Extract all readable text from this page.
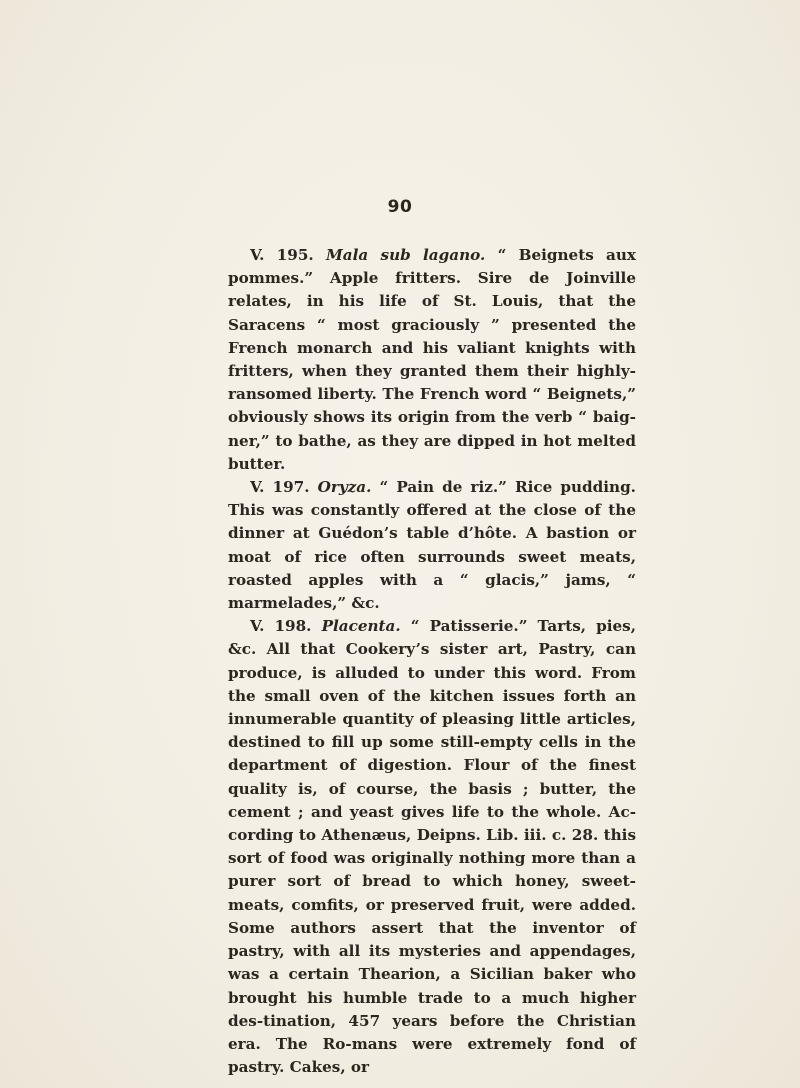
90

V. 195. Mala sub lagano. “ Beignets aux pommes.” Apple fritters. Sire de Joinville relates, in his life of St. Louis, that the Saracens “ most graciously ” presented the French monarch and his valiant knights with fritters, when they granted them their highly-ransomed liberty. The French word “ Beignets,” obviously shows its origin from the verb “ baig-ner,” to bathe, as they are dipped in hot melted butter.

V. 197. Oryza. “ Pain de riz.” Rice pudding. This was constantly offered at the close of the dinner at Guédon’s table d’hôte. A bastion or moat of rice often surrounds sweet meats, roasted apples with a “ glacis,” jams, “ marmelades,” &c.

V. 198. Placenta. “ Patisserie.” Tarts, pies, &c. All that Cookery’s sister art, Pastry, can produce, is alluded to under this word. From the small oven of the kitchen issues forth an innumerable quantity of pleasing little articles, destined to fill up some still-empty cells in the department of digestion. Flour of the finest quality is, of course, the basis ; butter, the cement ; and yeast gives life to the whole. Ac-cording to Athenæus, Deipns. Lib. iii. c. 28. this sort of food was originally nothing more than a purer sort of bread to which honey, sweet-meats, comfits, or preserved fruit, were added. Some authors assert that the inventor of pastry, with all its mysteries and appendages, was a certain Thearion, a Sicilian baker who brought his humble trade to a much higher des-tination, 457 years before the Christian era. The Ro-mans were extremely fond of pastry. Cakes, or
